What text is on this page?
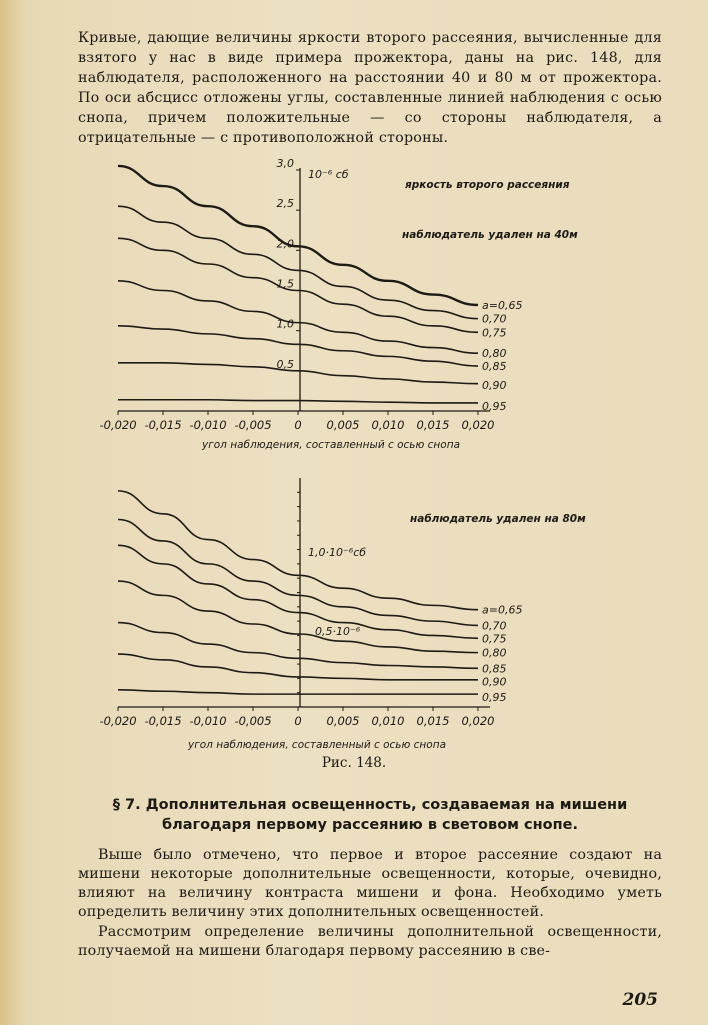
Кривые, дающие величины яркости второго рассеяния, вычисленные для взятого у нас в виде примера прожектора, даны на рис. 148, для наблюдателя, расположенного на расстоянии 40 и 80 м от прожектора. По оси абсцисс отложены углы, составленные линией наблюдения с осью снопа, причем положительные — со стороны наблюдателя, а отрицательные — с противоположной стороны.

-0,020 -0,015 -0,010 -0,005 0 0,005 0,010 0,015 0,020
0,5
1,0
1,5
2,0
2,5
3,0
a=0,65
0,70
0,75
0,80
0,85
0,90
0,95
10⁻⁶ сб
яркость второго рассеяния
наблюдатель удален на 40м
угол наблюдения, составленный с осью снопа
-0,020 -0,015 -0,010 -0,005 0 0,005 0,010 0,015 0,020
a=0,65
0,70
0,75
0,80
0,85
0,90
0,95
наблюдатель удален на 80м
1,0·10⁻⁶сб
0,5·10⁻⁶
угол наблюдения, составленный с осью снопа
Рис. 148.
§ 7. Дополнительная освещенность, создаваемая на мишени благодаря первому рассеянию в световом снопе.

Выше было отмечено, что первое и второе рассеяние создают на мишени некоторые дополнительные освещенности, которые, очевидно, влияют на величину контраста мишени и фона. Необходимо уметь определить величину этих дополнительных освещенностей.

Рассмотрим определение величины дополнительной освещенности, получаемой на мишени благодаря первому рассеянию в све-

205
